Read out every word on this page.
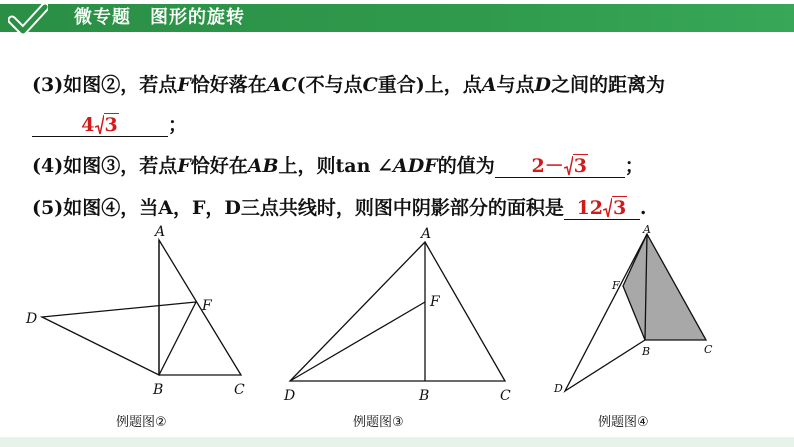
微专题　图形的旋转
(3)如图②，若点F恰好落在AC(不与点C重合)上，点A与点D之间的距离为
4 3	；
(4)如图③，若点F恰好在AB上，则tan ∠ADF的值为 2－ 3 ；
(5)如图④，当A，F，D三点共线时，则图中阴影部分的面积是 12 3 .
A
F
D
B	C
A
F
D	B	C
A
F
B	C
D
例题图②	例题图③	例题图④
